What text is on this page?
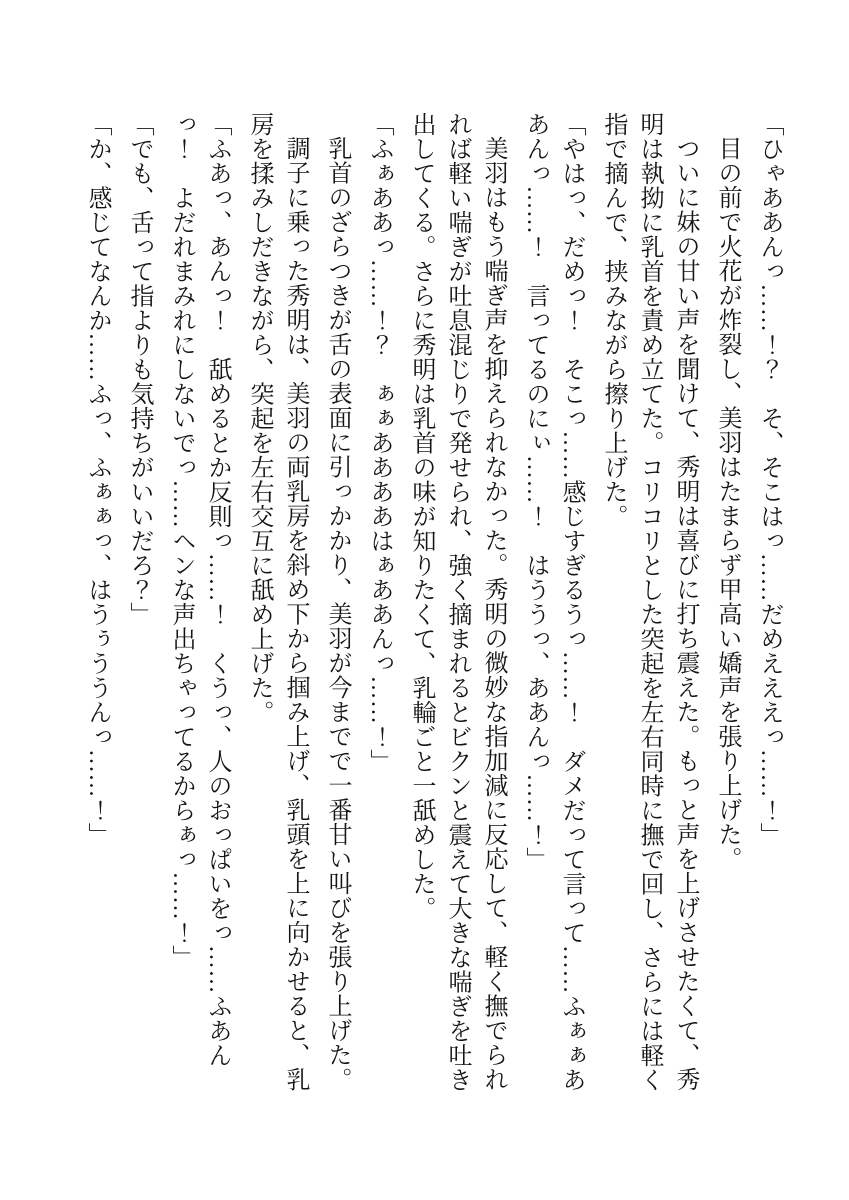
「ひゃああんっ……！？　そ、そこはっ……だめえええっ……！」

目の前で火花が炸裂し、美羽はたまらず甲高い嬌声を張り上げた。

ついに妹の甘い声を聞けて、秀明は喜びに打ち震えた。もっと声を上げさせたくて、秀明は執拗に乳首を責め立てた。コリコリとした突起を左右同時に撫で回し、さらには軽く指で摘んで、挟みながら擦り上げた。

「やはっ、だめっ！　そこっ……感じすぎるうっ……！　ダメだって言って……ふぁぁああんっ……！　言ってるのにぃ……！　はううっ、ああんっ……！」

美羽はもう喘ぎ声を抑えられなかった。秀明の微妙な指加減に反応して、軽く撫でられれば軽い喘ぎが吐息混じりで発せられ、強く摘まれるとビクンと震えて大きな喘ぎを吐き出してくる。さらに秀明は乳首の味が知りたくて、乳輪ごと一舐めした。

「ふぁああっ……！？　ぁぁああああはぁああんっ……！」

乳首のざらつきが舌の表面に引っかかり、美羽が今までで一番甘い叫びを張り上げた。

調子に乗った秀明は、美羽の両乳房を斜め下から掴み上げ、乳頭を上に向かせると、乳房を揉みしだきながら、突起を左右交互に舐め上げた。

「ふあっ、あんっ！　舐めるとか反則っ……！　くうっ、人のおっぱいをっ……ふあんっ！　よだれまみれにしないでっ……ヘンな声出ちゃってるからぁっ……！」

「でも、舌って指よりも気持ちがいいだろ？」

「か、感じてなんか……ふっ、ふぁぁっ、はうぅううんっ……！」
